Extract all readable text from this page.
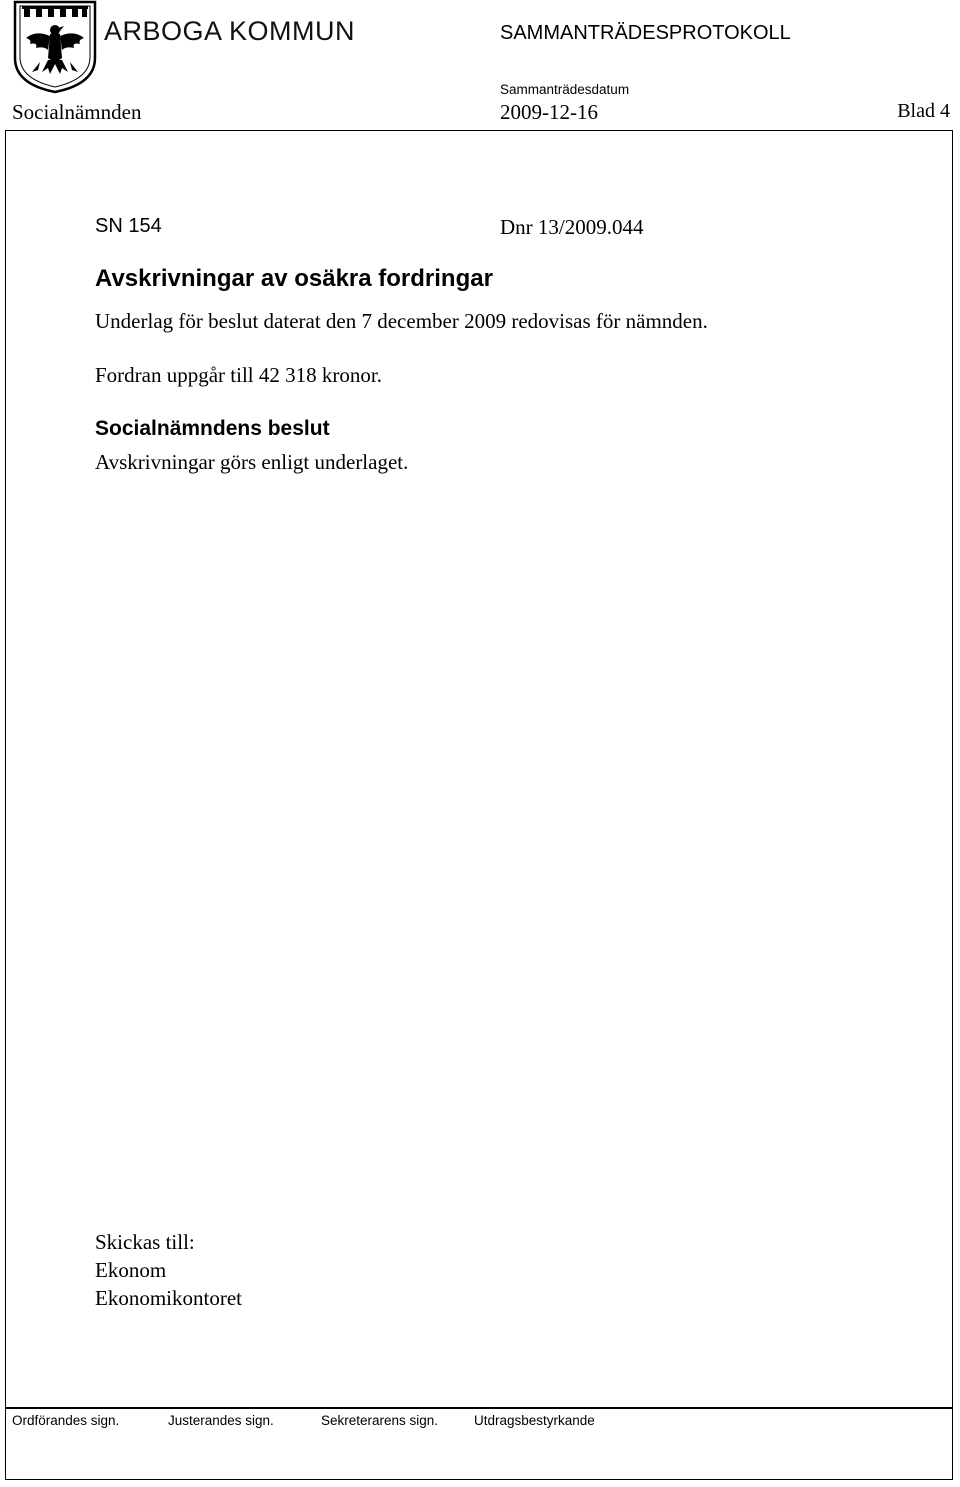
ARBOGA KOMMUN	SAMMANTRÄDESPROTOKOLL
Sammanträdesdatum
Socialnämnden	2009-12-16	Blad 4
SN 154	Dnr 13/2009.044
Avskrivningar av osäkra fordringar
Underlag för beslut daterat den 7 december 2009 redovisas för nämnden.
Fordran uppgår till 42 318 kronor.
Socialnämndens beslut
Avskrivningar görs enligt underlaget.
Skickas till:
Ekonom
Ekonomikontoret
Ordförandes sign.	Justerandes sign.	Sekreterarens sign.	Utdragsbestyrkande
